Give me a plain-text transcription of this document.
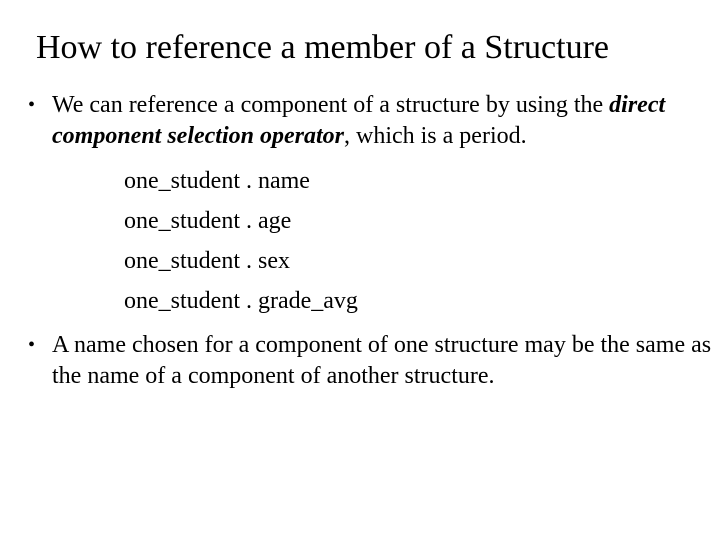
How to reference a member of a Structure
• We can reference a component of a structure by using the direct component selection operator, which is a period.
one_student . name
one_student . age
one_student . sex
one_student . grade_avg
• A name chosen for a component of one structure may be the same as the name of a component of another structure.
